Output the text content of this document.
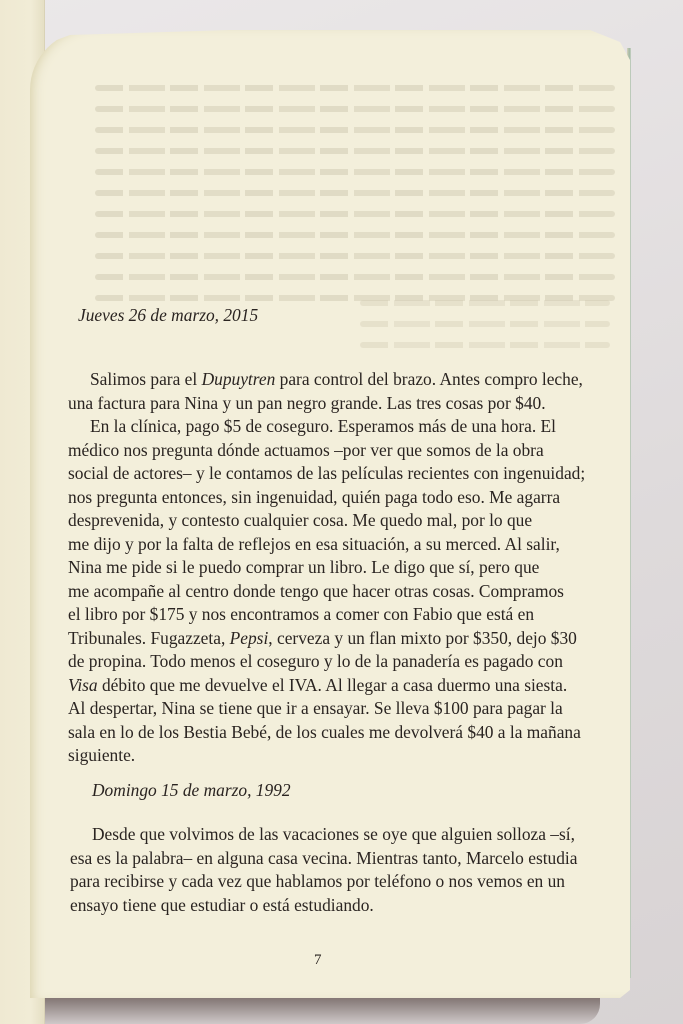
Jueves 26 de marzo, 2015
Salimos para el Dupuytren para control del brazo. Antes compro leche,
una factura para Nina y un pan negro grande. Las tres cosas por $40.
En la clínica, pago $5 de coseguro. Esperamos más de una hora. El
médico nos pregunta dónde actuamos –por ver que somos de la obra
social de actores– y le contamos de las películas recientes con ingenuidad;
nos pregunta entonces, sin ingenuidad, quién paga todo eso. Me agarra
desprevenida, y contesto cualquier cosa. Me quedo mal, por lo que
me dijo y por la falta de reflejos en esa situación, a su merced. Al salir,
Nina me pide si le puedo comprar un libro. Le digo que sí, pero que
me acompañe al centro donde tengo que hacer otras cosas. Compramos
el libro por $175 y nos encontramos a comer con Fabio que está en
Tribunales. Fugazzeta, Pepsi, cerveza y un flan mixto por $350, dejo $30
de propina. Todo menos el coseguro y lo de la panadería es pagado con
Visa débito que me devuelve el IVA. Al llegar a casa duermo una siesta.
Al despertar, Nina se tiene que ir a ensayar. Se lleva $100 para pagar la
sala en lo de los Bestia Bebé, de los cuales me devolverá $40 a la mañana
siguiente.
Domingo 15 de marzo, 1992
Desde que volvimos de las vacaciones se oye que alguien solloza –sí,
esa es la palabra– en alguna casa vecina. Mientras tanto, Marcelo estudia
para recibirse y cada vez que hablamos por teléfono o nos vemos en un
ensayo tiene que estudiar o está estudiando.
7
